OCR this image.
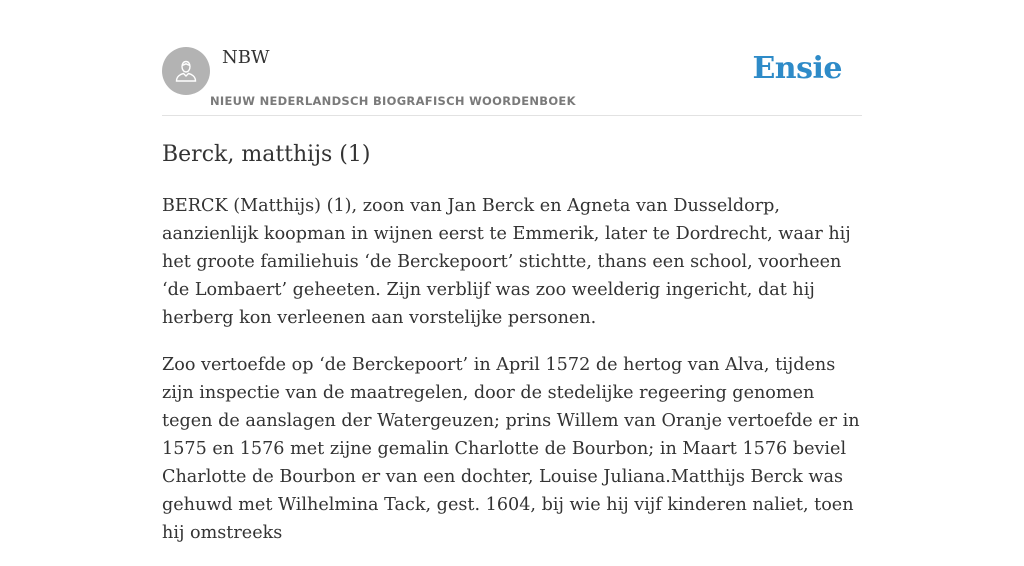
NBW
NIEUW NEDERLANDSCH BIOGRAFISCH WOORDENBOEK
Ensie
Berck, matthijs (1)

BERCK (Matthijs) (1), zoon van Jan Berck en Agneta van Dusseldorp, aanzienlijk koopman in wijnen eerst te Emmerik, later te Dordrecht, waar hij het groote familiehuis ‘de Berckepoort’ stichtte, thans een school, voorheen ‘de Lombaert’ geheeten. Zijn verblijf was zoo weelderig ingericht, dat hij herberg kon verleenen aan vorstelijke personen.

Zoo vertoefde op ‘de Berckepoort’ in April 1572 de hertog van Alva, tijdens zijn inspectie van de maatregelen, door de stedelijke regeering genomen tegen de aanslagen der Watergeuzen; prins Willem van Oranje vertoefde er in 1575 en 1576 met zijne gemalin Charlotte de Bourbon; in Maart 1576 beviel Charlotte de Bourbon er van een dochter, Louise Juliana.Matthijs Berck was gehuwd met Wilhelmina Tack, gest. 1604, bij wie hij vijf kinderen naliet, toen hij omstreeks
